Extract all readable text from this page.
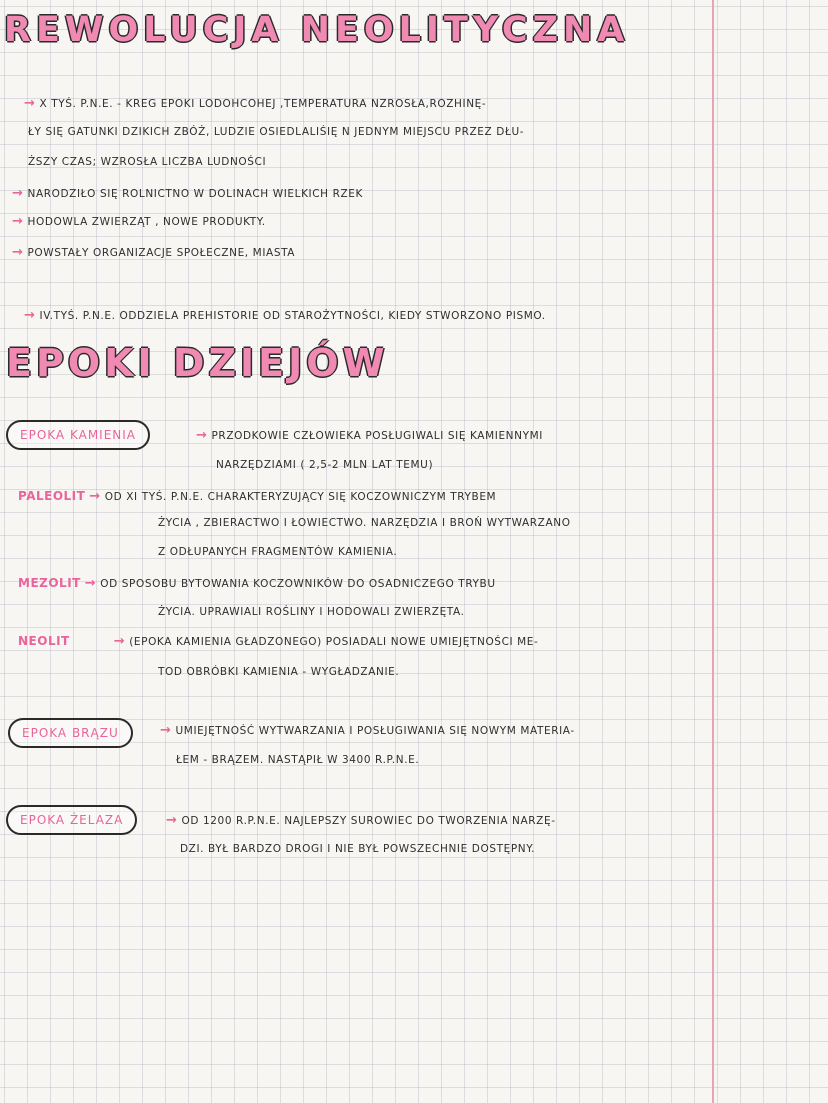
REWOLUCJA NEOLITYCZNA
→ X TYŚ. P.N.E. - KREG EPOKI LODOHCOHEJ ,TEMPERATURA NZROSŁA,ROZHINĘ-
ŁY SIĘ GATUNKI DZIKICH ZBÓŻ, LUDZIE OSIEDLALIŚIĘ N JEDNYM MIEJSCU PRZEZ DŁU-
ŻSZY CZAS; WZROSŁA LICZBA LUDNOŚCI
→ NARODZIŁO SIĘ ROLNICTNO W DOLINACH WIELKICH RZEK
→ HODOWLA ZWIERZĄT , NOWE PRODUKTY.
→ POWSTAŁY ORGANIZACJE SPOŁECZNE, MIASTA
→ IV.TYŚ. P.N.E. ODDZIELA PREHISTORIE OD STAROŻYTNOŚCI, KIEDY STWORZONO PISMO.
EPOKI DZIEJÓW
EPOKA KAMIENIA	→ PRZODKOWIE CZŁOWIEKA POSŁUGIWALI SIĘ KAMIENNYMI
NARZĘDZIAMI ( 2,5-2 MLN LAT TEMU)
PALEOLIT → OD XI TYŚ. P.N.E. CHARAKTERYZUJĄCY SIĘ KOCZOWNICZYM TRYBEM
ŻYCIA , ZBIERACTWO I ŁOWIECTWO. NARZĘDZIA I BROŃ WYTWARZANO
Z ODŁUPANYCH FRAGMENTÓW KAMIENIA.
MEZOLIT → OD SPOSOBU BYTOWANIA KOCZOWNIKÓW DO OSADNICZEGO TRYBU
ŻYCIA. UPRAWIALI ROŚLINY I HODOWALI ZWIERZĘTA.
NEOLIT	→ (EPOKA KAMIENIA GŁADZONEGO) POSIADALI NOWE UMIEJĘTNOŚCI ME-
TOD OBRÓBKI KAMIENIA - WYGŁADZANIE.
EPOKA BRĄZU	→ UMIEJĘTNOŚĆ WYTWARZANIA I POSŁUGIWANIA SIĘ NOWYM MATERIA-
ŁEM - BRĄZEM. NASTĄPIŁ W 3400 R.P.N.E.
EPOKA ŻELAZA	→ OD 1200 R.P.N.E. NAJLEPSZY SUROWIEC DO TWORZENIA NARZĘ-
DZI. BYŁ BARDZO DROGI I NIE BYŁ POWSZECHNIE DOSTĘPNY.
